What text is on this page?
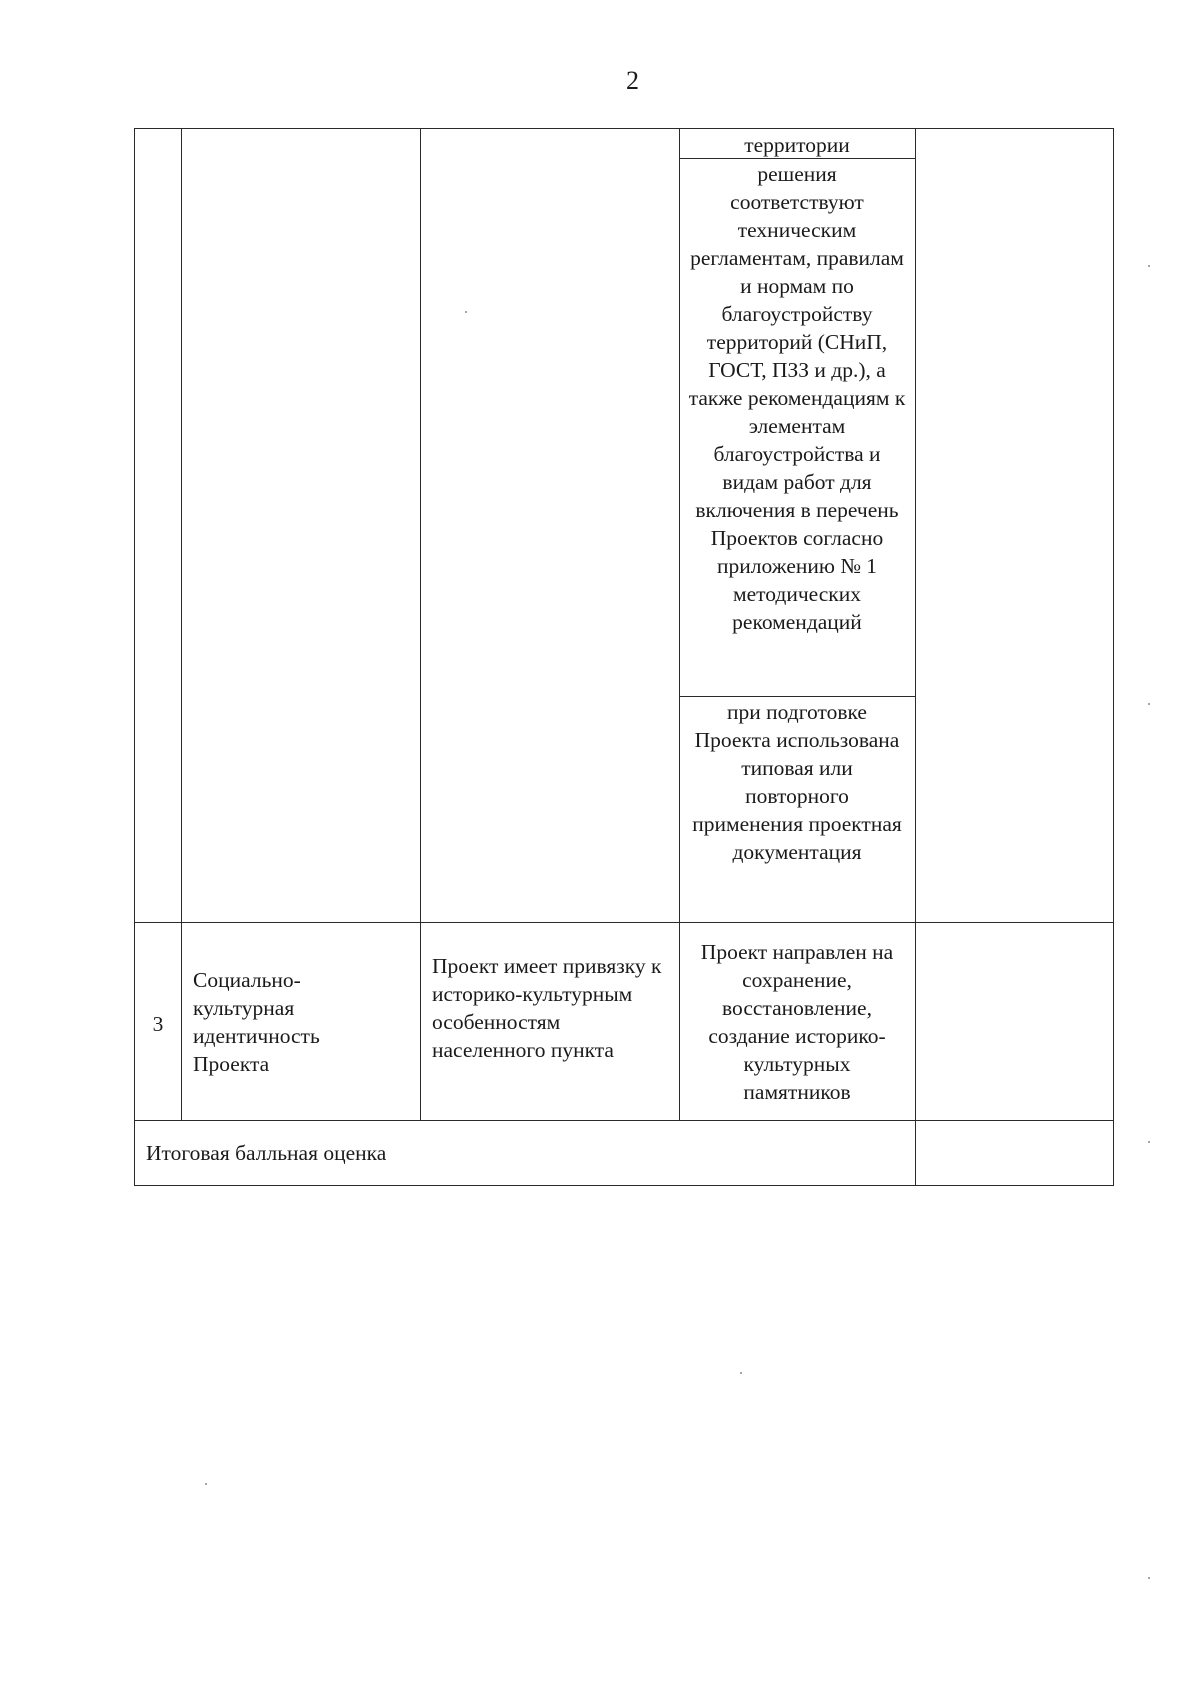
2
территории
решения соответствуют техническим регламентам, правилам и нормам по благоустройству территорий (СНиП, ГОСТ, ПЗЗ и др.), а также рекомендациям к элементам благоустройства и видам работ для включения в перечень Проектов согласно приложению № 1 методических рекомендаций
при подготовке Проекта использована типовая или повторного применения проектная документация
3
Социально-культурная идентичность Проекта
Проект имеет привязку к историко-культурным особенностям населенного пункта
Проект направлен на сохранение, восстановление, создание историко-культурных памятников
Итоговая балльная оценка
